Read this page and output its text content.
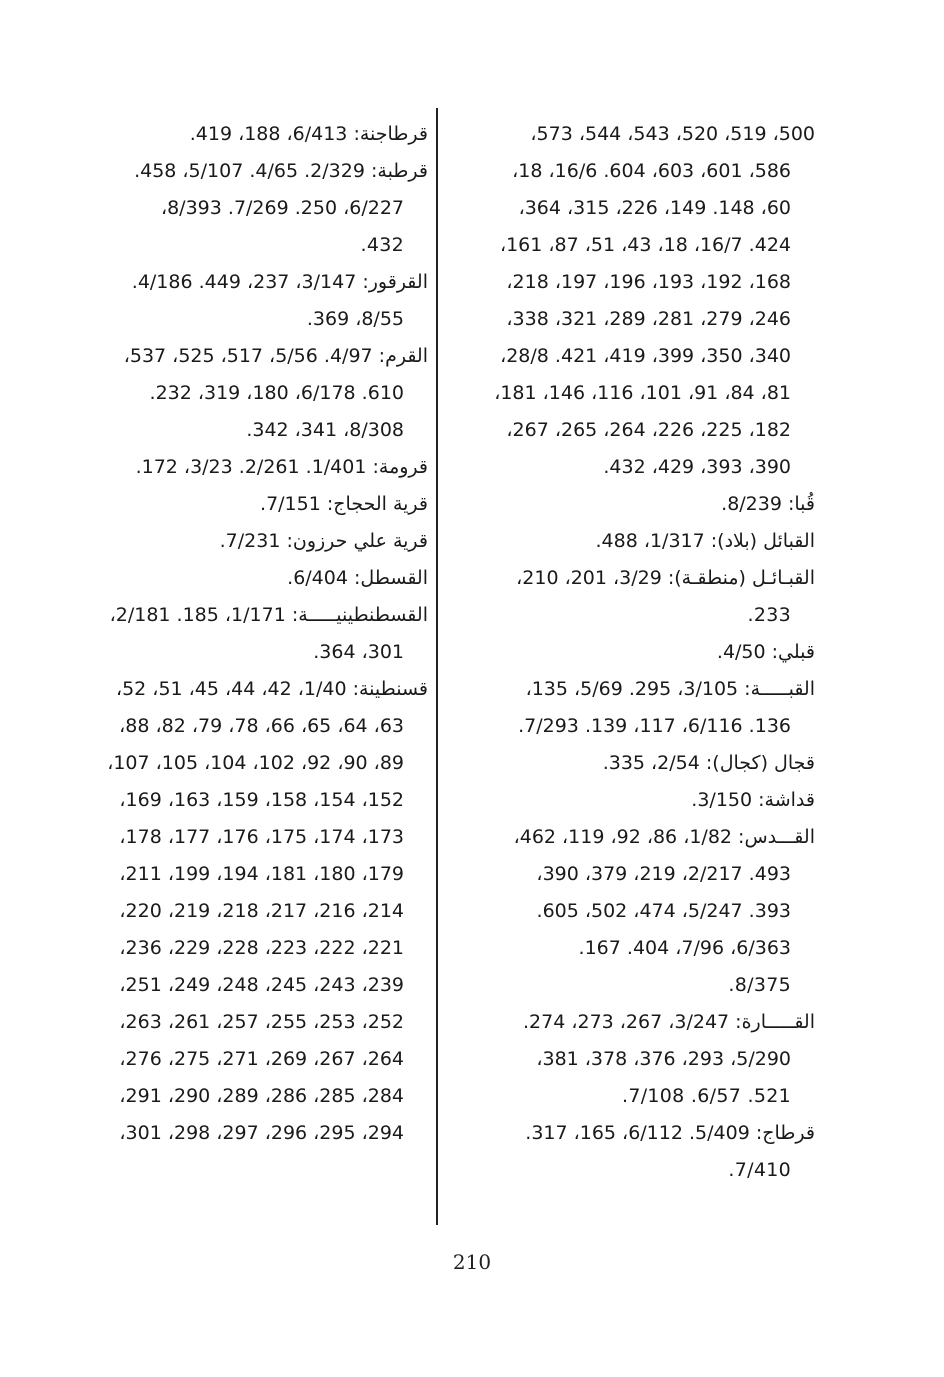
500، 519، 520، 543، 544، 573،
586، 601، 603، 604. 16/6، 18،
60، 148. 149، 226، 315، 364،
424. 16/7، 18، 43، 51، 87، 161،
168، 192، 193، 196، 197، 218،
246، 279، 281، 289، 321، 338،
340، 350، 399، 419، 421. 28/8،
81، 84، 91، 101، 116، 146، 181،
182، 225، 226، 264، 265، 267،
390، 393، 429، 432.
قُبا: 8/239.
القبائل (بلاد): 1/317، 488.
القبـائـل (منطقـة): 3/29، 201، 210،
233.
قبلي: 4/50.
القبـــــة: 3/105، 295. 5/69، 135،
136. 6/116، 117، 139. 7/293.
قجال (كجال): 2/54، 335.
قداشة: 3/150.
القـــدس: 1/82، 86، 92، 119، 462،
493. 2/217، 219، 379، 390،
393. 5/247، 474، 502، 605.
6/363، 7/96، 404. 167.
8/375.
القـــــارة: 3/247، 267، 273، 274.
5/290، 293، 376، 378، 381،
521. 6/57. 7/108.
قرطاج: 5/409. 6/112، 165، 317.
7/410.
قرطاجنة: 6/413، 188، 419.
قرطبة: 2/329. 4/65. 5/107، 458.
6/227، 250. 7/269. 8/393،
432.
القرقور: 3/147، 237، 449. 4/186.
8/55، 369.
القرم: 4/97. 5/56، 517، 525، 537،
610. 6/178، 180، 319، 232.
8/308، 341، 342.
قرومة: 1/401. 2/261. 3/23، 172.
قرية الحجاج: 7/151.
قرية علي حرزون: 7/231.
القسطل: 6/404.
القسطنطينيـــــة: 1/171، 185. 2/181،
301، 364.
قسنطينة: 1/40، 42، 44، 45، 51، 52،
63، 64، 65، 66، 78، 79، 82، 88،
89، 90، 92، 102، 104، 105، 107،
152، 154، 158، 159، 163، 169،
173، 174، 175، 176، 177، 178،
179، 180، 181، 194، 199، 211،
214، 216، 217، 218، 219، 220،
221، 222، 223، 228، 229، 236،
239، 243، 245، 248، 249، 251،
252، 253، 255، 257، 261، 263،
264، 267، 269، 271، 275، 276،
284، 285، 286، 289، 290، 291،
294، 295، 296، 297، 298، 301،
210
